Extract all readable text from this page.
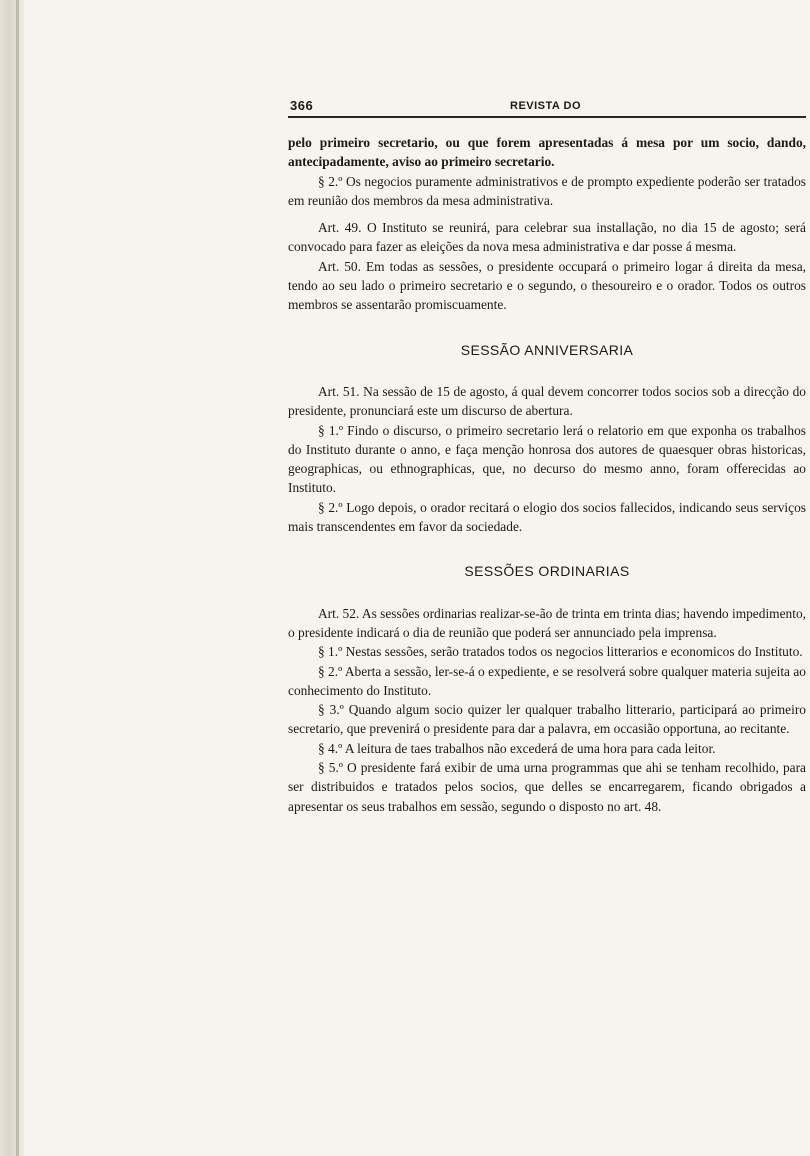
366	REVISTA DO

pelo primeiro secretario, ou que forem apresentadas á mesa por um socio, dando, antecipadamente, aviso ao primeiro secretario.

§ 2.º Os negocios puramente administrativos e de prompto expediente poderão ser tratados em reunião dos membros da mesa administrativa.

Art. 49. O Instituto se reunirá, para celebrar sua installação, no dia 15 de agosto; será convocado para fazer as eleições da nova mesa administrativa e dar posse á mesma.

Art. 50. Em todas as sessões, o presidente occupará o primeiro logar á direita da mesa, tendo ao seu lado o primeiro secretario e o segundo, o thesoureiro e o orador. Todos os outros membros se assentarão promiscuamente.

SESSÃO ANNIVERSARIA

Art. 51. Na sessão de 15 de agosto, á qual devem concorrer todos socios sob a direcção do presidente, pronunciará este um discurso de abertura.

§ 1.º Findo o discurso, o primeiro secretario lerá o relatorio em que exponha os trabalhos do Instituto durante o anno, e faça menção honrosa dos autores de quaesquer obras historicas, geographicas, ou ethnographicas, que, no decurso do mesmo anno, foram offerecidas ao Instituto.

§ 2.º Logo depois, o orador recitará o elogio dos socios fallecidos, indicando seus serviços mais transcendentes em favor da sociedade.

SESSÕES ORDINARIAS

Art. 52. As sessões ordinarias realizar-se-ão de trinta em trinta dias; havendo impedimento, o presidente indicará o dia de reunião que poderá ser annunciado pela imprensa.

§ 1.º Nestas sessões, serão tratados todos os negocios litterarios e economicos do Instituto.

§ 2.º Aberta a sessão, ler-se-á o expediente, e se resolverá sobre qualquer materia sujeita ao conhecimento do Instituto.

§ 3.º Quando algum socio quizer ler qualquer trabalho litterario, participará ao primeiro secretario, que prevenirá o presidente para dar a palavra, em occasião opportuna, ao recitante.

§ 4.º A leitura de taes trabalhos não excederá de uma hora para cada leitor.

§ 5.º O presidente fará exibir de uma urna programmas que ahi se tenham recolhido, para ser distribuidos e tratados pelos socios, que delles se encarregarem, ficando obrigados a apresentar os seus trabalhos em sessão, segundo o disposto no art. 48.
